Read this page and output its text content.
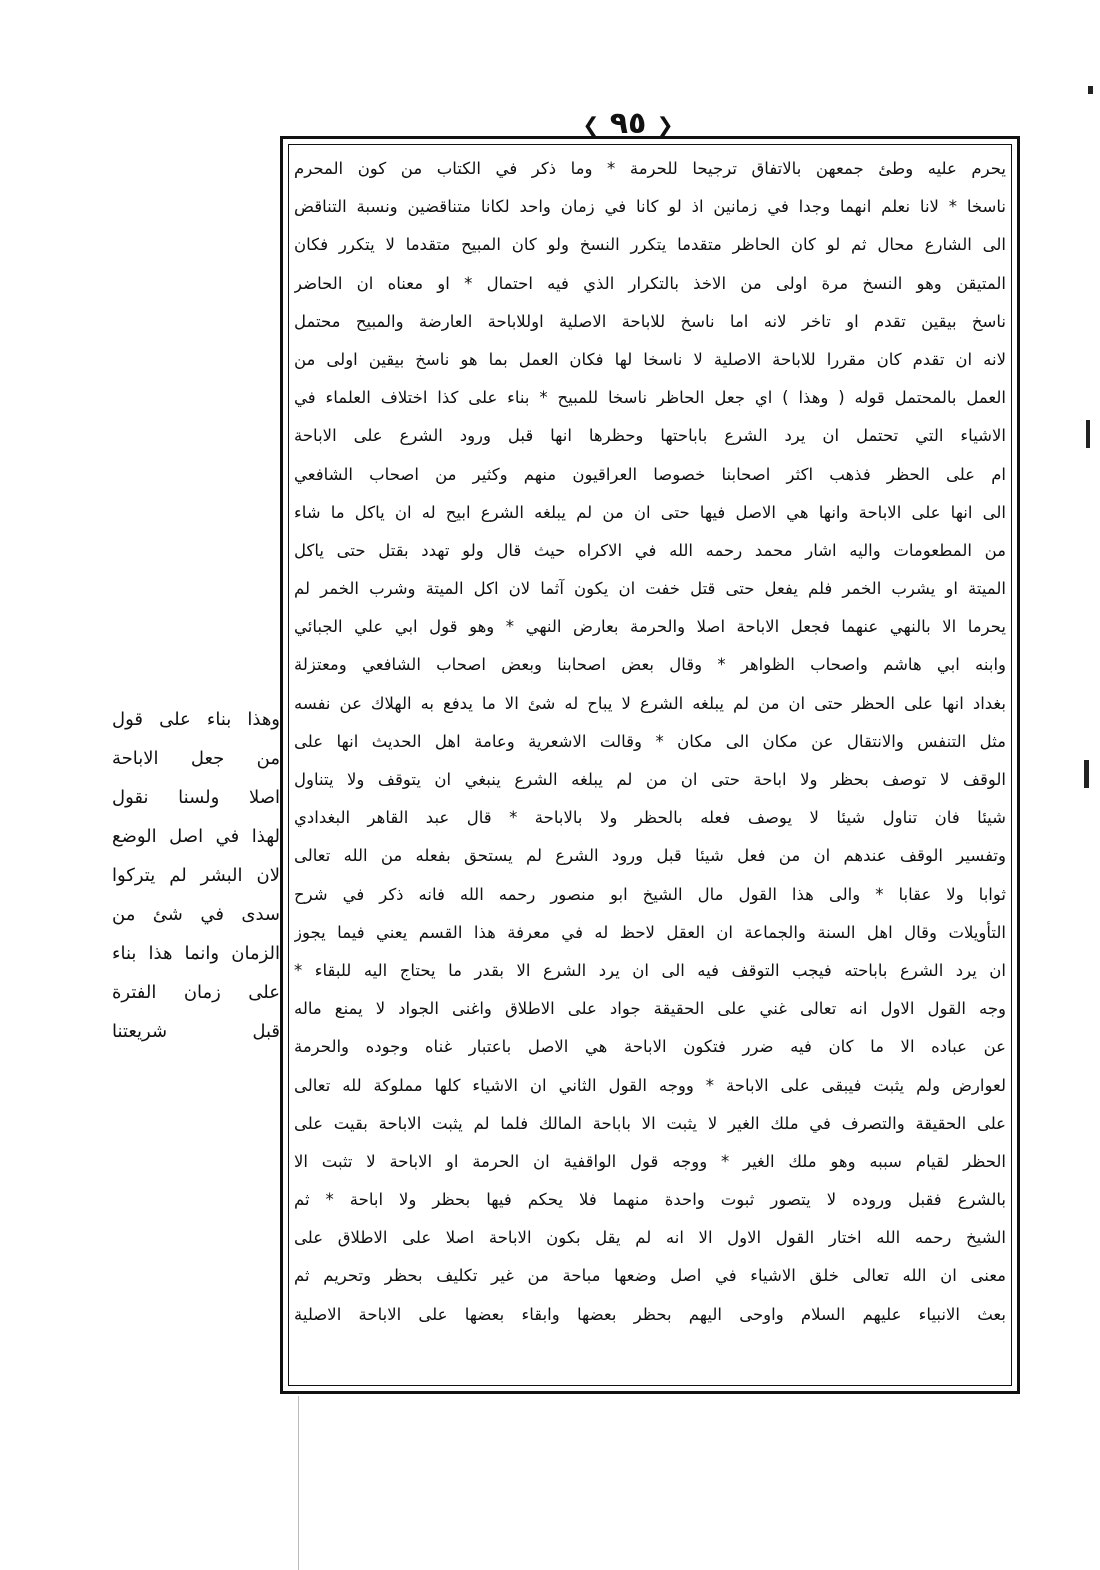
❮ ٩٥ ❯
يحرم عليه وطئ جمعهن بالاتفاق ترجيحا للحرمة * وما ذكر في الكتاب من كون المحرم
ناسخا * لانا نعلم انهما وجدا في زمانين اذ لو كانا في زمان واحد لكانا متناقضين ونسبة التناقض
الى الشارع محال ثم لو كان الحاظر متقدما يتكرر النسخ ولو كان المبيح متقدما لا يتكرر فكان
المتيقن وهو النسخ مرة اولى من الاخذ بالتكرار الذي فيه احتمال * او معناه ان الحاضر
ناسخ بيقين تقدم او تاخر لانه اما ناسخ للاباحة الاصلية اوللاباحة العارضة والمبيح محتمل
لانه ان تقدم كان مقررا للاباحة الاصلية لا ناسخا لها فكان العمل بما هو ناسخ بيقين اولى من
العمل بالمحتمل قوله ( وهذا ) اي جعل الحاظر ناسخا للمبيح * بناء على كذا اختلاف العلماء في
الاشياء التي تحتمل ان يرد الشرع باباحتها وحظرها انها قبل ورود الشرع على الاباحة
ام على الحظر فذهب اكثر اصحابنا خصوصا العراقيون منهم وكثير من اصحاب الشافعي
الى انها على الاباحة وانها هي الاصل فيها حتى ان من لم يبلغه الشرع ابيح له ان ياكل ما شاء
من المطعومات واليه اشار محمد رحمه الله في الاكراه حيث قال ولو تهدد بقتل حتى ياكل
الميتة او يشرب الخمر فلم يفعل حتى قتل خفت ان يكون آثما لان اكل الميتة وشرب الخمر لم
يحرما الا بالنهي عنهما فجعل الاباحة اصلا والحرمة بعارض النهي * وهو قول ابي علي الجبائي
وابنه ابي هاشم واصحاب الظواهر * وقال بعض اصحابنا وبعض اصحاب الشافعي ومعتزلة
بغداد انها على الحظر حتى ان من لم يبلغه الشرع لا يباح له شئ الا ما يدفع به الهلاك عن نفسه
مثل التنفس والانتقال عن مكان الى مكان * وقالت الاشعرية وعامة اهل الحديث انها على
الوقف لا توصف بحظر ولا اباحة حتى ان من لم يبلغه الشرع ينبغي ان يتوقف ولا يتناول
شيئا فان تناول شيئا لا يوصف فعله بالحظر ولا بالاباحة * قال عبد القاهر البغدادي
وتفسير الوقف عندهم ان من فعل شيئا قبل ورود الشرع لم يستحق بفعله من الله تعالى
ثوابا ولا عقابا * والى هذا القول مال الشيخ ابو منصور رحمه الله فانه ذكر في شرح
التأويلات وقال اهل السنة والجماعة ان العقل لاحظ له في معرفة هذا القسم يعني فيما يجوز
ان يرد الشرع باباحته فيجب التوقف فيه الى ان يرد الشرع الا بقدر ما يحتاج اليه للبقاء *
وجه القول الاول انه تعالى غني على الحقيقة جواد على الاطلاق واغنى الجواد لا يمنع ماله
عن عباده الا ما كان فيه ضرر فتكون الاباحة هي الاصل باعتبار غناه وجوده والحرمة
لعوارض ولم يثبت فيبقى على الاباحة * ووجه القول الثاني ان الاشياء كلها مملوكة لله تعالى
على الحقيقة والتصرف في ملك الغير لا يثبت الا باباحة المالك فلما لم يثبت الاباحة بقيت على
الحظر لقيام سببه وهو ملك الغير * ووجه قول الواقفية ان الحرمة او الاباحة لا تثبت الا
بالشرع فقبل وروده لا يتصور ثبوت واحدة منهما فلا يحكم فيها بحظر ولا اباحة * ثم
الشيخ رحمه الله اختار القول الاول الا انه لم يقل بكون الاباحة اصلا على الاطلاق على
معنى ان الله تعالى خلق الاشياء في اصل وضعها مباحة من غير تكليف بحظر وتحريم ثم
بعث الانبياء عليهم السلام واوحى اليهم بحظر بعضها وابقاء بعضها على الاباحة الاصلية
وهذا بناء على قول
من جعل الاباحة
اصلا ولسنا نقول
لهذا في اصل الوضع
لان البشر لم يتركوا
سدى في شئ من
الزمان وانما هذا بناء
على زمان الفترة
قبل شريعتنا
